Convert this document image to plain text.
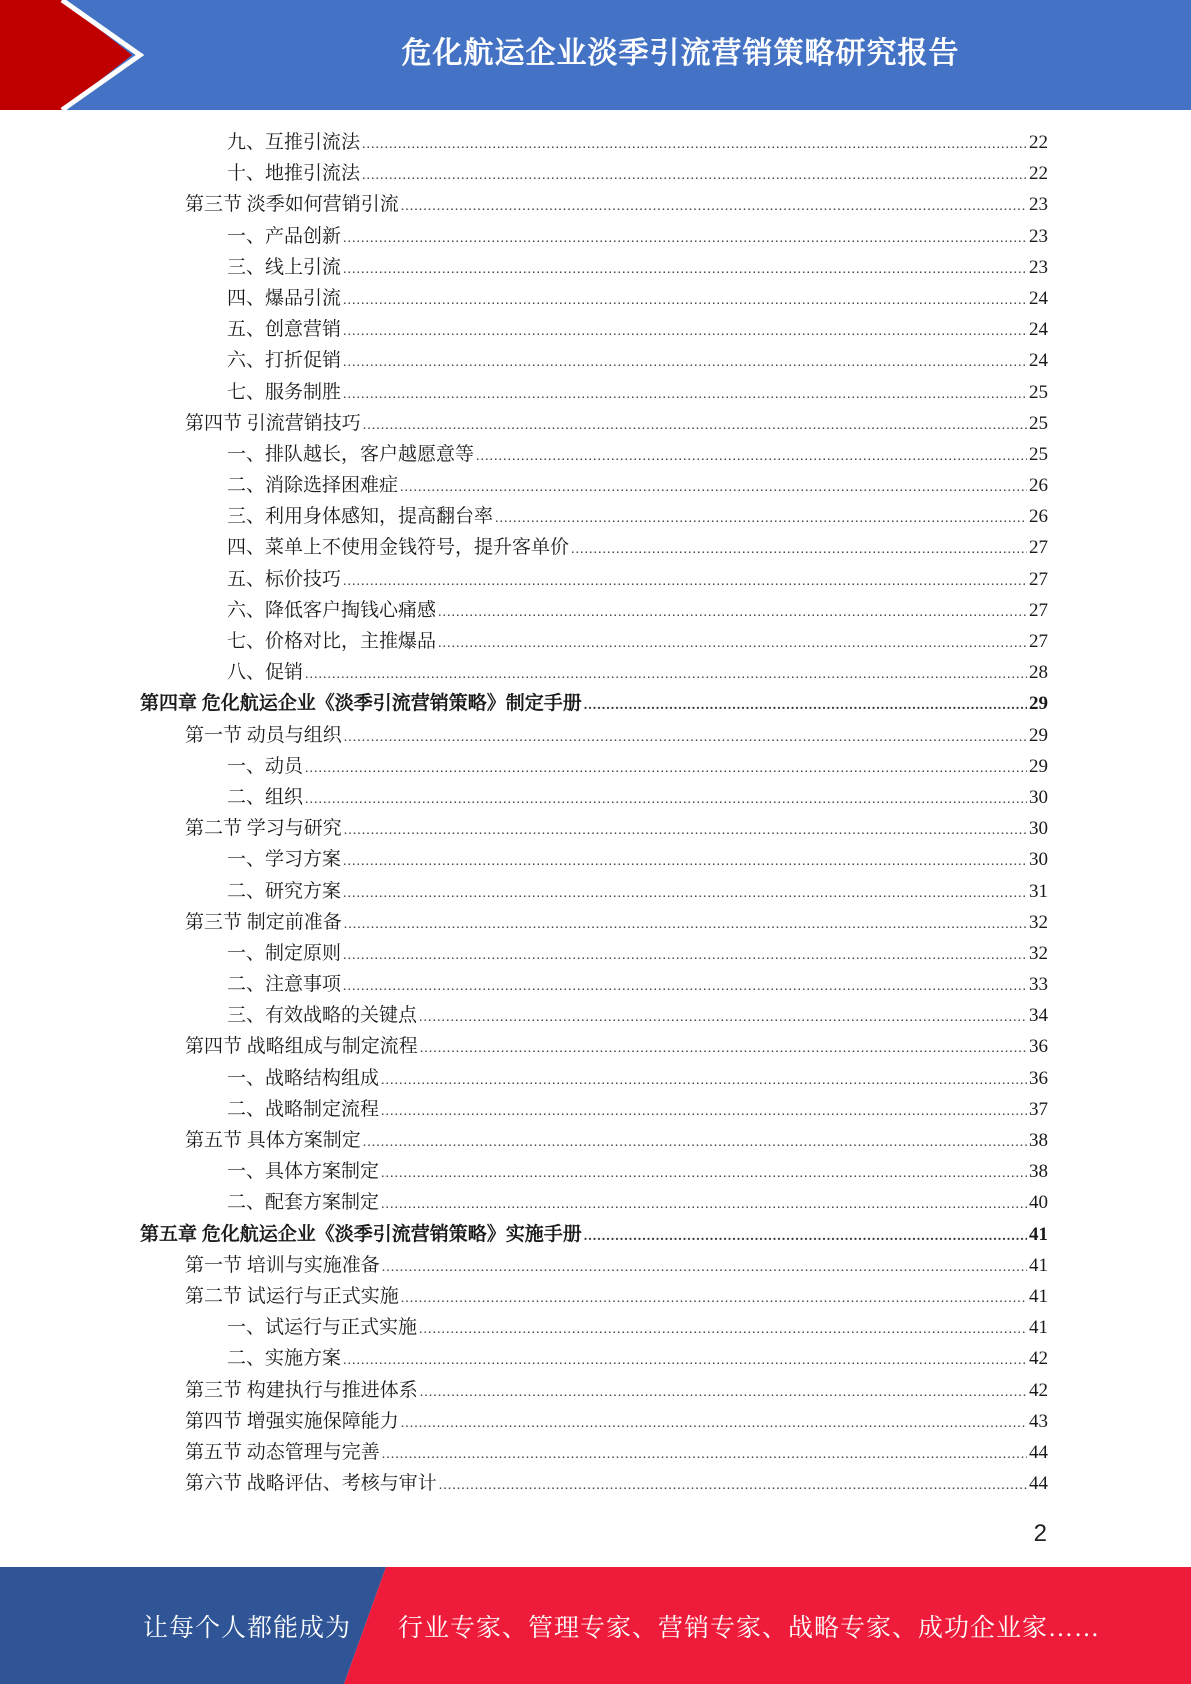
危化航运企业淡季引流营销策略研究报告
九、互推引流法 .....	22
十、地推引流法 .....	22
第三节 淡季如何营销引流 .....	23
一、产品创新 .....	23
三、线上引流 .....	23
四、爆品引流 .....	24
五、创意营销 .....	24
六、打折促销 .....	24
七、服务制胜 .....	25
第四节 引流营销技巧 .....	25
一、排队越长，客户越愿意等 .....	25
二、消除选择困难症 .....	26
三、利用身体感知，提高翻台率 .....	26
四、菜单上不使用金钱符号，提升客单价 .....	27
五、标价技巧 .....	27
六、降低客户掏钱心痛感 .....	27
七、价格对比，主推爆品 .....	27
八、促销 .....	28
第四章 危化航运企业《淡季引流营销策略》制定手册 .....	29
第一节 动员与组织 .....	29
一、动员 .....	29
二、组织 .....	30
第二节 学习与研究 .....	30
一、学习方案 .....	30
二、研究方案 .....	31
第三节 制定前准备 .....	32
一、制定原则 .....	32
二、注意事项 .....	33
三、有效战略的关键点 .....	34
第四节 战略组成与制定流程 .....	36
一、战略结构组成 .....	36
二、战略制定流程 .....	37
第五节 具体方案制定 .....	38
一、具体方案制定 .....	38
二、配套方案制定 .....	40
第五章 危化航运企业《淡季引流营销策略》实施手册 .....	41
第一节 培训与实施准备 .....	41
第二节 试运行与正式实施 .....	41
一、试运行与正式实施 .....	41
二、实施方案 .....	42
第三节 构建执行与推进体系 .....	42
第四节 增强实施保障能力 .....	43
第五节 动态管理与完善 .....	44
第六节 战略评估、考核与审计 .....	44
2
让每个人都能成为 行业专家、管理专家、营销专家、战略专家、成功企业家……
